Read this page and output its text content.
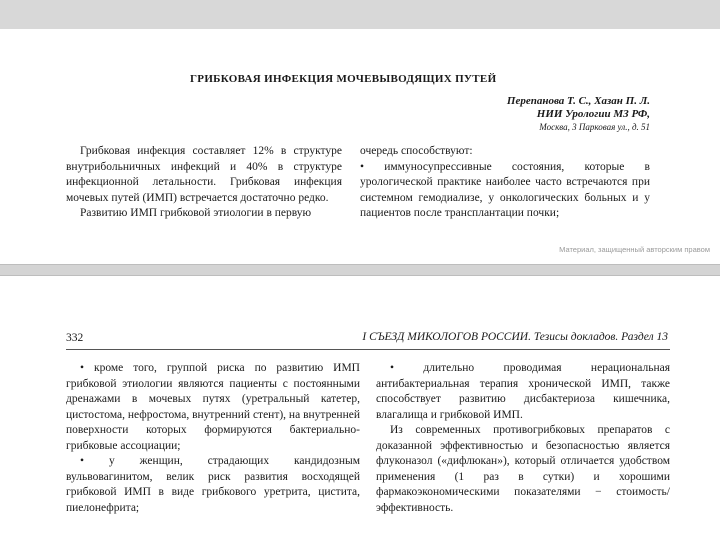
ГРИБКОВАЯ ИНФЕКЦИЯ МОЧЕВЫВОДЯЩИХ ПУТЕЙ
Перепанова Т. С., Хазан П. Л.
НИИ Урологии МЗ РФ,
Москва, 3 Парковая ул., д. 51

Грибковая инфекция составляет 12% в структуре внутрибольничных инфекций и 40% в структуре инфекционной летальности. Грибковая инфекция мочевых путей (ИМП) встречается достаточно редко.

Развитию ИМП грибковой этиологии в первую

очередь способствуют:

• иммуносупрессивные состояния, которые в урологической практике наиболее часто встречаются при системном гемодиализе, у онкологических больных и у пациентов после трансплантации почки;

Материал, защищенный авторским правом
332	I СЪЕЗД МИКОЛОГОВ РОССИИ. Тезисы докладов. Раздел 13

• кроме того, группой риска по развитию ИМП грибковой этиологии являются пациенты с постоянными дренажами в мочевых путях (уретральный катетер, цистостома, нефростома, внутренний стент), на внутренней поверхности которых формируются бактериально-грибковые ассоциации;

• у женщин, страдающих кандидозным вульвовагинитом, велик риск развития восходящей грибковой ИМП в виде грибкового уретрита, цистита, пиелонефрита;

• длительно проводимая нерациональная антибактериальная терапия хронической ИМП, также способствует развитию дисбактериоза кишечника, влагалища и грибковой ИМП.

Из современных противогрибковых препаратов с доказанной эффективностью и безопасностью является флуконазол («дифлюкан»), который отличается удобством применения (1 раз в сутки) и хорошими фармакоэкономическими показателями − стоимость/эффективность.
